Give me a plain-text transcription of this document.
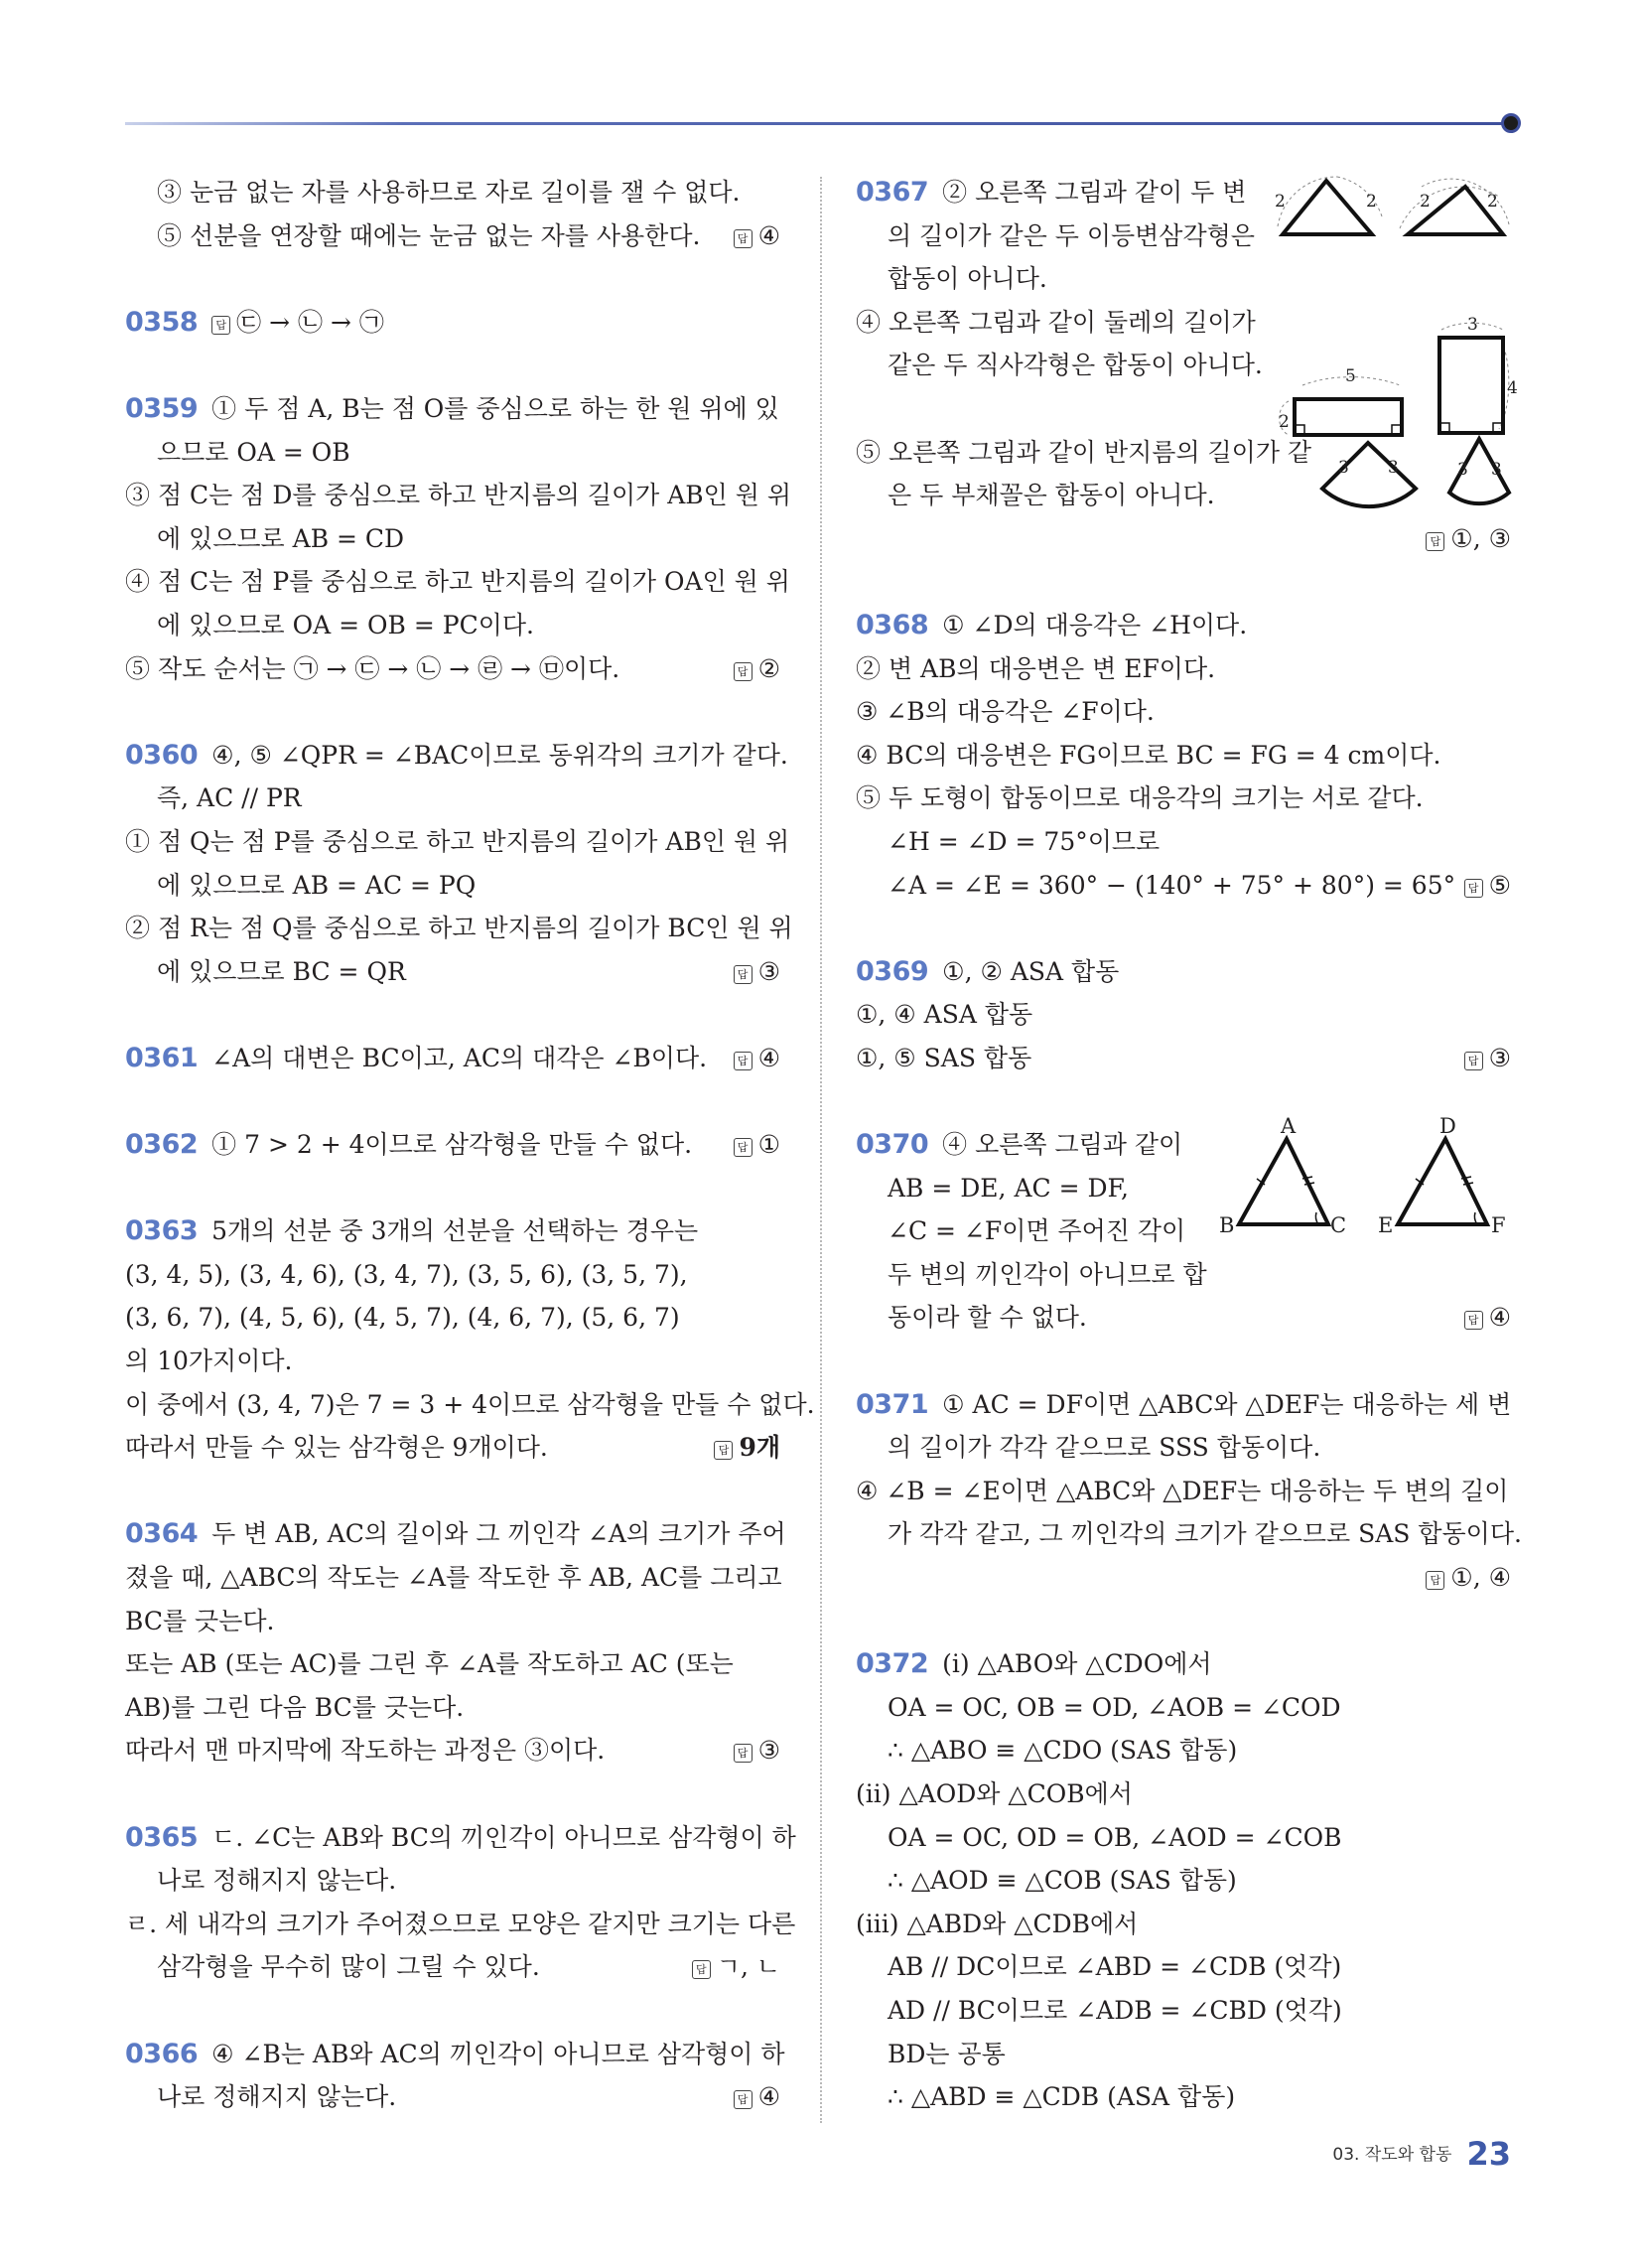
③ 눈금 없는 자를 사용하므로 자로 길이를 잴 수 없다.
⑤ 선분을 연장할 때에는 눈금 없는 자를 사용한다.	답 ④
0358 답 ㉢ → ㉡ → ㉠
0359 ① 두 점 A, B는 점 O를 중심으로 하는 한 원 위에 있
으므로 OA = OB
③ 점 C는 점 D를 중심으로 하고 반지름의 길이가 AB인 원 위
에 있으므로 AB = CD
④ 점 C는 점 P를 중심으로 하고 반지름의 길이가 OA인 원 위
에 있으므로 OA = OB = PC이다.
⑤ 작도 순서는 ㉠ → ㉢ → ㉡ → ㉣ → ㉤이다.	답 ②
0360 ④, ⑤ ∠QPR = ∠BAC이므로 동위각의 크기가 같다.
즉, AC // PR
① 점 Q는 점 P를 중심으로 하고 반지름의 길이가 AB인 원 위
에 있으므로 AB = AC = PQ
② 점 R는 점 Q를 중심으로 하고 반지름의 길이가 BC인 원 위
에 있으므로 BC = QR	답 ③
0361 ∠A의 대변은 BC이고, AC의 대각은 ∠B이다.	답 ④
0362 ① 7 > 2 + 4이므로 삼각형을 만들 수 없다.	답 ①
0363 5개의 선분 중 3개의 선분을 선택하는 경우는
(3, 4, 5), (3, 4, 6), (3, 4, 7), (3, 5, 6), (3, 5, 7),
(3, 6, 7), (4, 5, 6), (4, 5, 7), (4, 6, 7), (5, 6, 7)
의 10가지이다.
이 중에서 (3, 4, 7)은 7 = 3 + 4이므로 삼각형을 만들 수 없다.
따라서 만들 수 있는 삼각형은 9개이다.	답 9개
0364 두 변 AB, AC의 길이와 그 끼인각 ∠A의 크기가 주어
졌을 때, △ABC의 작도는 ∠A를 작도한 후 AB, AC를 그리고
BC를 긋는다.
또는 AB (또는 AC)를 그린 후 ∠A를 작도하고 AC (또는
AB)를 그린 다음 BC를 긋는다.
따라서 맨 마지막에 작도하는 과정은 ③이다.	답 ③
0365 ㄷ. ∠C는 AB와 BC의 끼인각이 아니므로 삼각형이 하
나로 정해지지 않는다.
ㄹ. 세 내각의 크기가 주어졌으므로 모양은 같지만 크기는 다른
삼각형을 무수히 많이 그릴 수 있다.	답 ㄱ, ㄴ
0366 ④ ∠B는 AB와 AC의 끼인각이 아니므로 삼각형이 하
나로 정해지지 않는다.	답 ④
0367 ② 오른쪽 그림과 같이 두 변
의 길이가 같은 두 이등변삼각형은
합동이 아니다.
④ 오른쪽 그림과 같이 둘레의 길이가
같은 두 직사각형은 합동이 아니다.
⑤ 오른쪽 그림과 같이 반지름의 길이가 같
은 두 부채꼴은 합동이 아니다.
답 ①, ③
2	2	2	2
5
2
3
4
3 3	3 3
0368 ① ∠D의 대응각은 ∠H이다.
② 변 AB의 대응변은 변 EF이다.
③ ∠B의 대응각은 ∠F이다.
④ BC의 대응변은 FG이므로 BC = FG = 4 cm이다.
⑤ 두 도형이 합동이므로 대응각의 크기는 서로 같다.
∠H = ∠D = 75°이므로
∠A = ∠E = 360° − (140° + 75° + 80°) = 65°	답 ⑤
0369 ①, ② ASA 합동
①, ④ ASA 합동
①, ⑤ SAS 합동	답 ③
0370 ④ 오른쪽 그림과 같이
AB = DE, AC = DF,
∠C = ∠F이면 주어진 각이
두 변의 끼인각이 아니므로 합
동이라 할 수 없다.	답 ④
A
B	C
D
E	F
0371 ① AC = DF이면 △ABC와 △DEF는 대응하는 세 변
의 길이가 각각 같으므로 SSS 합동이다.
④ ∠B = ∠E이면 △ABC와 △DEF는 대응하는 두 변의 길이
가 각각 같고, 그 끼인각의 크기가 같으므로 SAS 합동이다.
답 ①, ④
0372 (ⅰ) △ABO와 △CDO에서
OA = OC, OB = OD, ∠AOB = ∠COD
∴ △ABO ≡ △CDO (SAS 합동)
(ⅱ) △AOD와 △COB에서
OA = OC, OD = OB, ∠AOD = ∠COB
∴ △AOD ≡ △COB (SAS 합동)
(ⅲ) △ABD와 △CDB에서
AB // DC이므로 ∠ABD = ∠CDB (엇각)
AD // BC이므로 ∠ADB = ∠CBD (엇각)
BD는 공통
∴ △ABD ≡ △CDB (ASA 합동)
03. 작도와 합동 23
